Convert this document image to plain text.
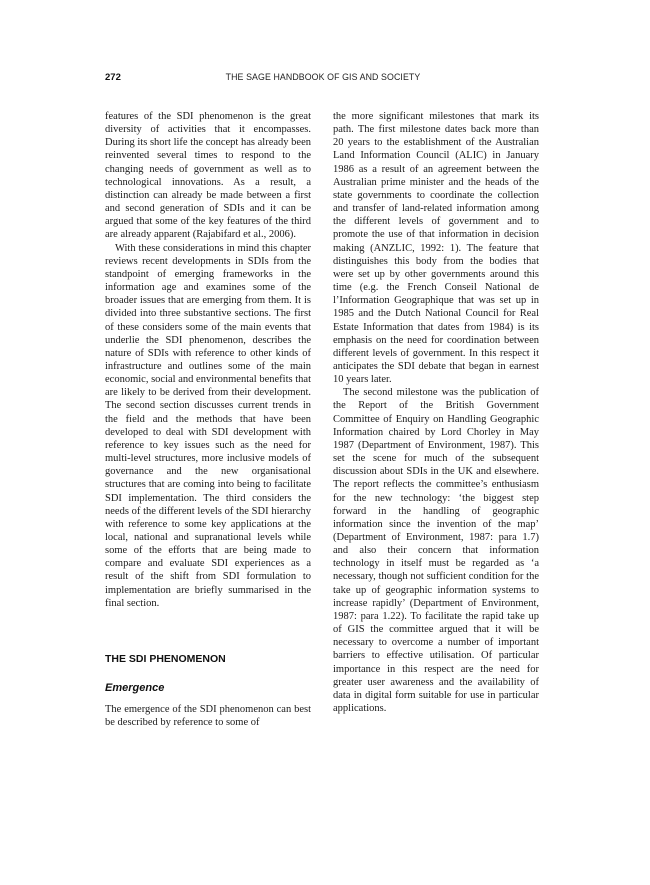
272	THE SAGE HANDBOOK OF GIS AND SOCIETY

features of the SDI phenomenon is the great diversity of activities that it encompasses. During its short life the concept has already been reinvented several times to respond to the changing needs of government as well as to technological innovations. As a result, a distinction can already be made between a first and second generation of SDIs and it can be argued that some of the key features of the third are already apparent (Rajabifard et al., 2006).

With these considerations in mind this chapter reviews recent developments in SDIs from the standpoint of emerging frameworks in the information age and examines some of the broader issues that are emerging from them. It is divided into three substantive sections. The first of these considers some of the main events that underlie the SDI phenomenon, describes the nature of SDIs with reference to other kinds of infrastructure and outlines some of the main economic, social and environmental benefits that are likely to be derived from their development. The second section discusses current trends in the field and the methods that have been developed to deal with SDI development with reference to key issues such as the need for multi-level structures, more inclusive models of governance and the new organisational structures that are coming into being to facilitate SDI implementation. The third considers the needs of the different levels of the SDI hierarchy with reference to some key applications at the local, national and supranational levels while some of the efforts that are being made to compare and evaluate SDI experiences as a result of the shift from SDI formulation to implementation are briefly summarised in the final section.

THE SDI PHENOMENON
Emergence

The emergence of the SDI phenomenon can best be described by reference to some of

the more significant milestones that mark its path. The first milestone dates back more than 20 years to the establishment of the Australian Land Information Council (ALIC) in January 1986 as a result of an agreement between the Australian prime minister and the heads of the state governments to coordinate the collection and transfer of land-related information among the different levels of government and to promote the use of that information in decision making (ANZLIC, 1992: 1). The feature that distinguishes this body from the bodies that were set up by other governments around this time (e.g. the French Conseil National de l’Information Geographique that was set up in 1985 and the Dutch National Council for Real Estate Information that dates from 1984) is its emphasis on the need for coordination between different levels of government. In this respect it anticipates the SDI debate that began in earnest 10 years later.

The second milestone was the publication of the Report of the British Government Committee of Enquiry on Handling Geographic Information chaired by Lord Chorley in May 1987 (Department of Environment, 1987). This set the scene for much of the subsequent discussion about SDIs in the UK and elsewhere. The report reflects the committee’s enthusiasm for the new technology: ‘the biggest step forward in the handling of geographic information since the invention of the map’ (Department of Environment, 1987: para 1.7) and also their concern that information technology in itself must be regarded as ‘a necessary, though not sufficient condition for the take up of geographic information systems to increase rapidly’ (Department of Environment, 1987: para 1.22). To facilitate the rapid take up of GIS the committee argued that it will be necessary to overcome a number of important barriers to effective utilisation. Of particular importance in this respect are the need for greater user awareness and the availability of data in digital form suitable for use in particular applications.
